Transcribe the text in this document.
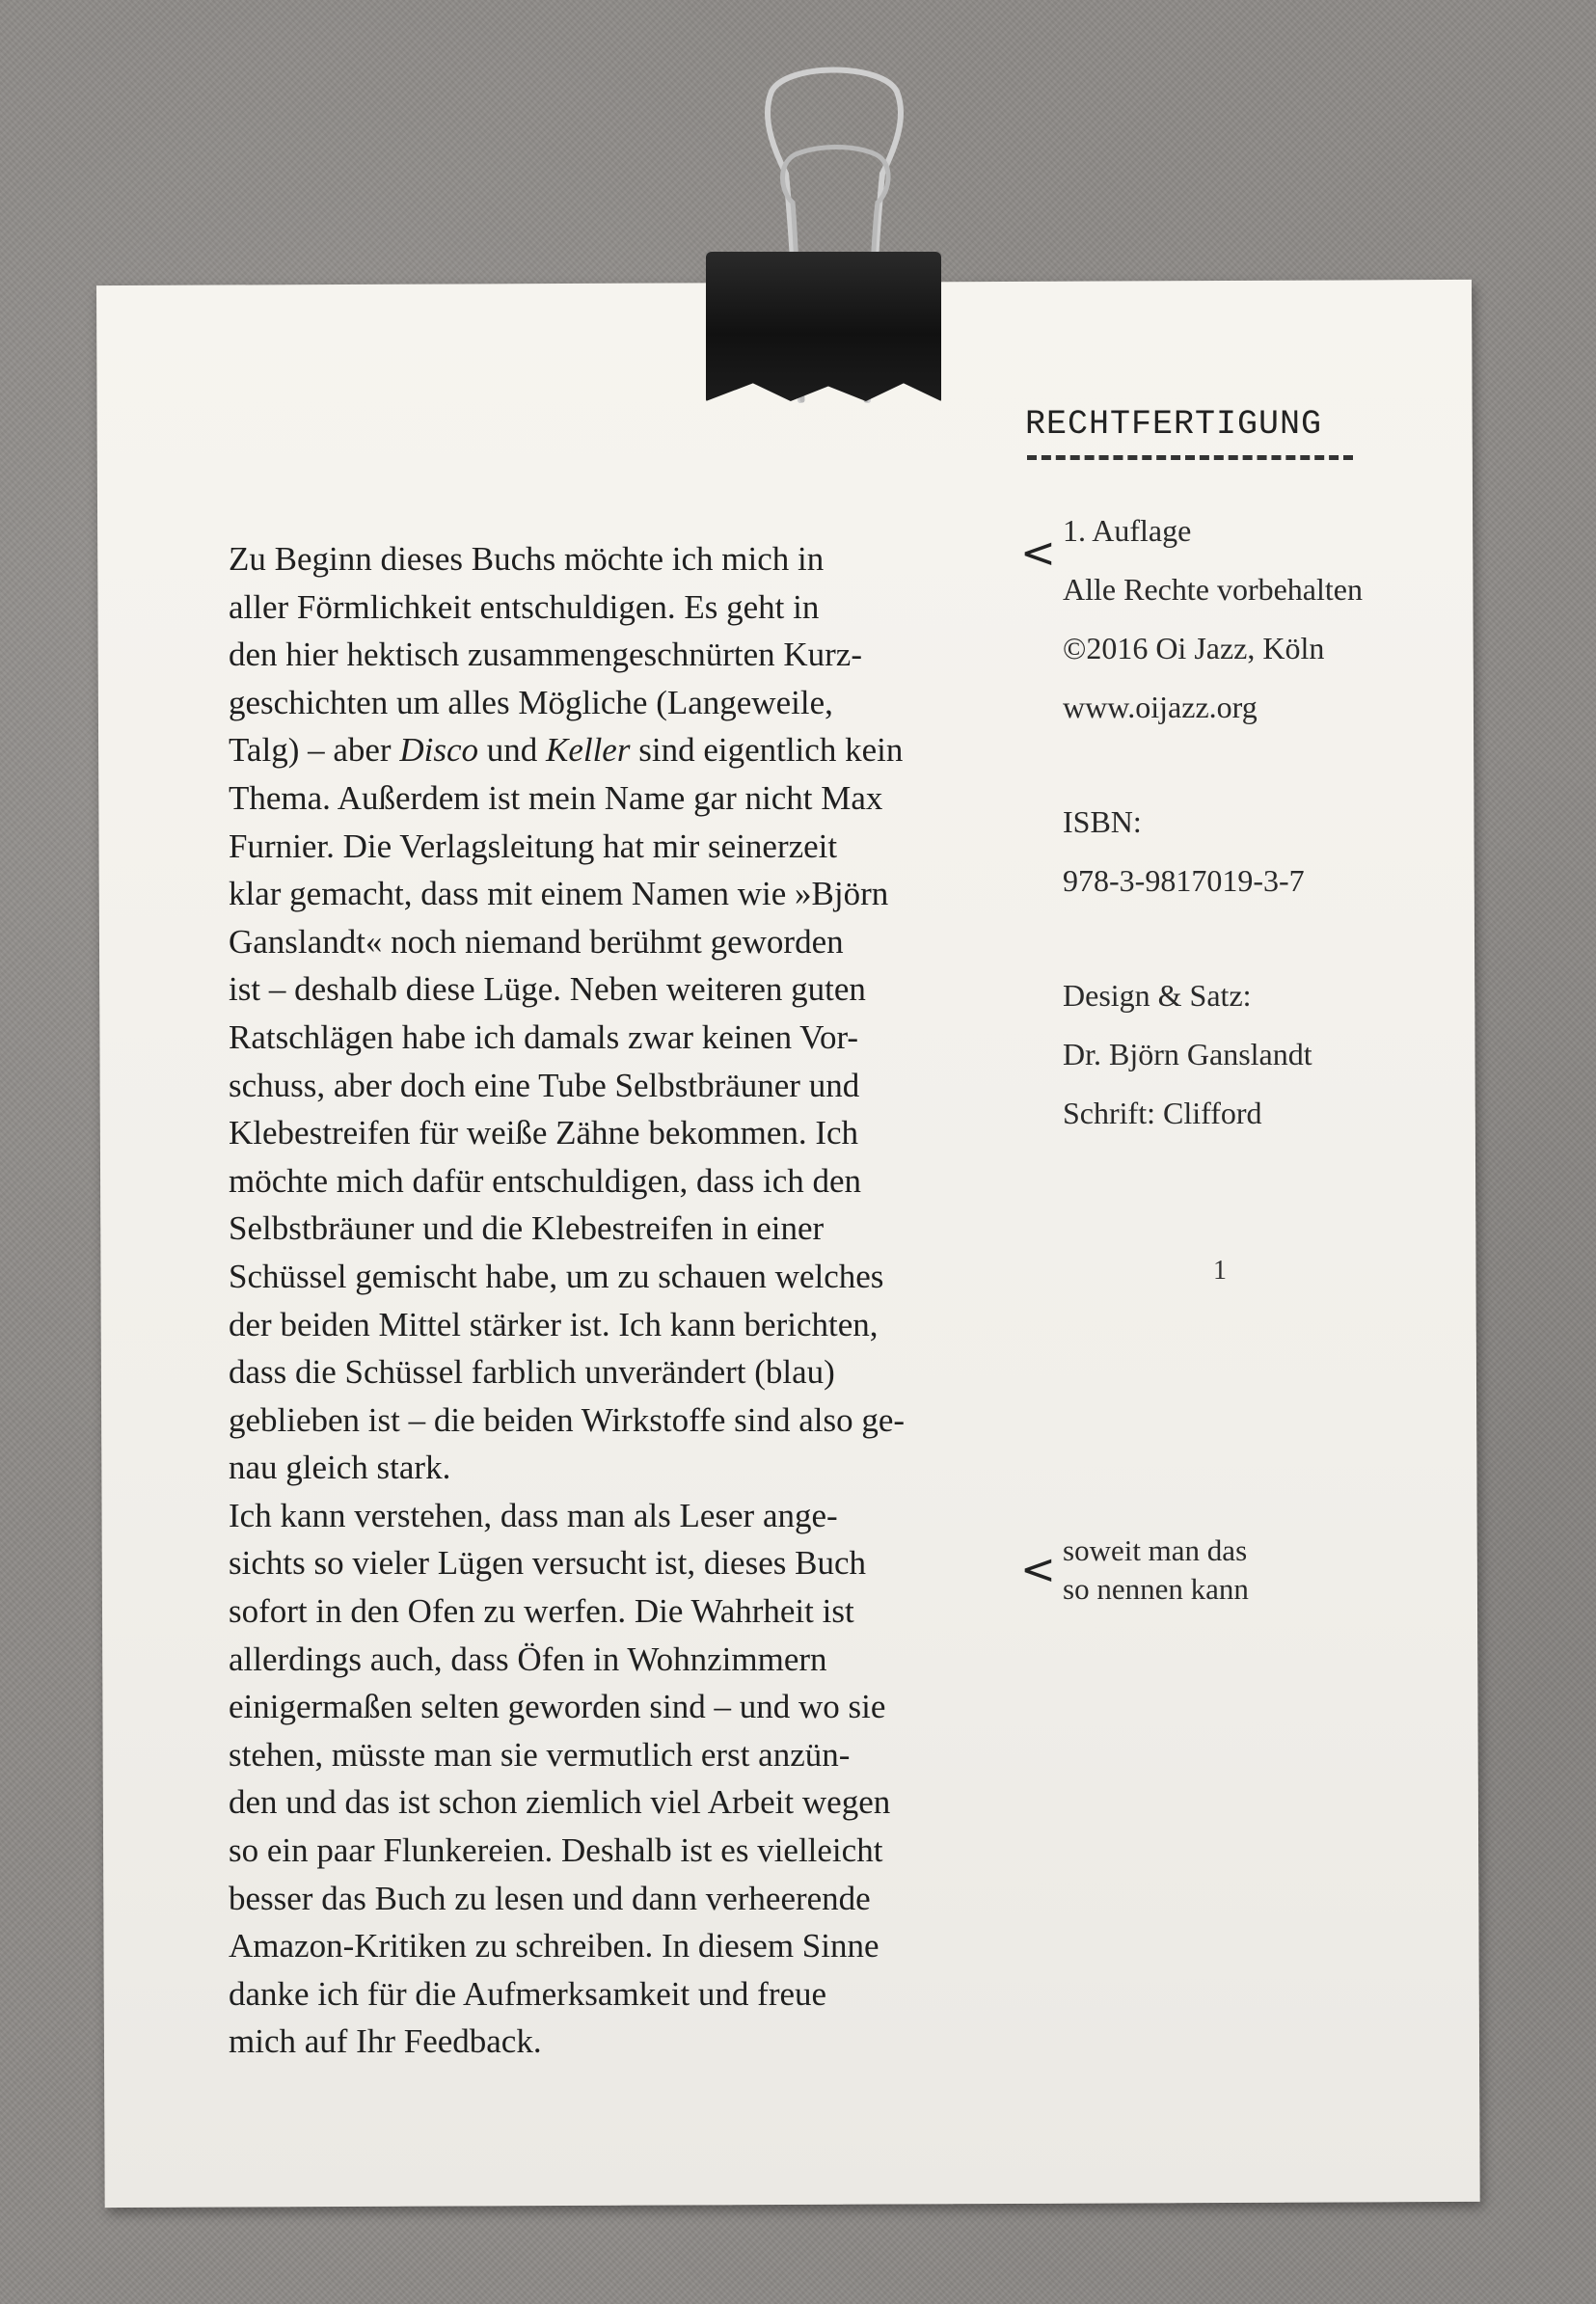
RECHTFERTIGUNG

Zu Beginn dieses Buchs möchte ich mich in
aller Förmlichkeit entschuldigen. Es geht in
den hier hektisch zusammengeschnürten Kurz-
geschichten um alles Mögliche (Langeweile,
Talg) – aber Disco und Keller sind eigentlich kein
Thema. Außerdem ist mein Name gar nicht Max
Furnier. Die Verlagsleitung hat mir seinerzeit
klar gemacht, dass mit einem Namen wie »Björn
Ganslandt« noch niemand berühmt geworden
ist – deshalb diese Lüge. Neben weiteren guten
Ratschlägen habe ich damals zwar keinen Vor-
schuss, aber doch eine Tube Selbstbräuner und
Klebestreifen für weiße Zähne bekommen. Ich
möchte mich dafür entschuldigen, dass ich den
Selbstbräuner und die Klebestreifen in einer
Schüssel gemischt habe, um zu schauen welches
der beiden Mittel stärker ist. Ich kann berichten,
dass die Schüssel farblich unverändert (blau)
geblieben ist – die beiden Wirkstoffe sind also ge-
nau gleich stark.

Ich kann verstehen, dass man als Leser ange-
sichts so vieler Lügen versucht ist, dieses Buch
sofort in den Ofen zu werfen. Die Wahrheit ist
allerdings auch, dass Öfen in Wohnzimmern
einigermaßen selten geworden sind – und wo sie
stehen, müsste man sie vermutlich erst anzün-
den und das ist schon ziemlich viel Arbeit wegen
so ein paar Flunkereien. Deshalb ist es vielleicht
besser das Buch zu lesen und dann verheerende
Amazon-Kritiken zu schreiben. In diesem Sinne
danke ich für die Aufmerksamkeit und freue
mich auf Ihr Feedback.

<
<
1. Auflage
Alle Rechte vorbehalten
©2016 Oi Jazz, Köln
www.oijazz.org
ISBN:
978-3-9817019-3-7
Design & Satz:
Dr. Björn Ganslandt
Schrift: Clifford
1
soweit man das
so nennen kann
